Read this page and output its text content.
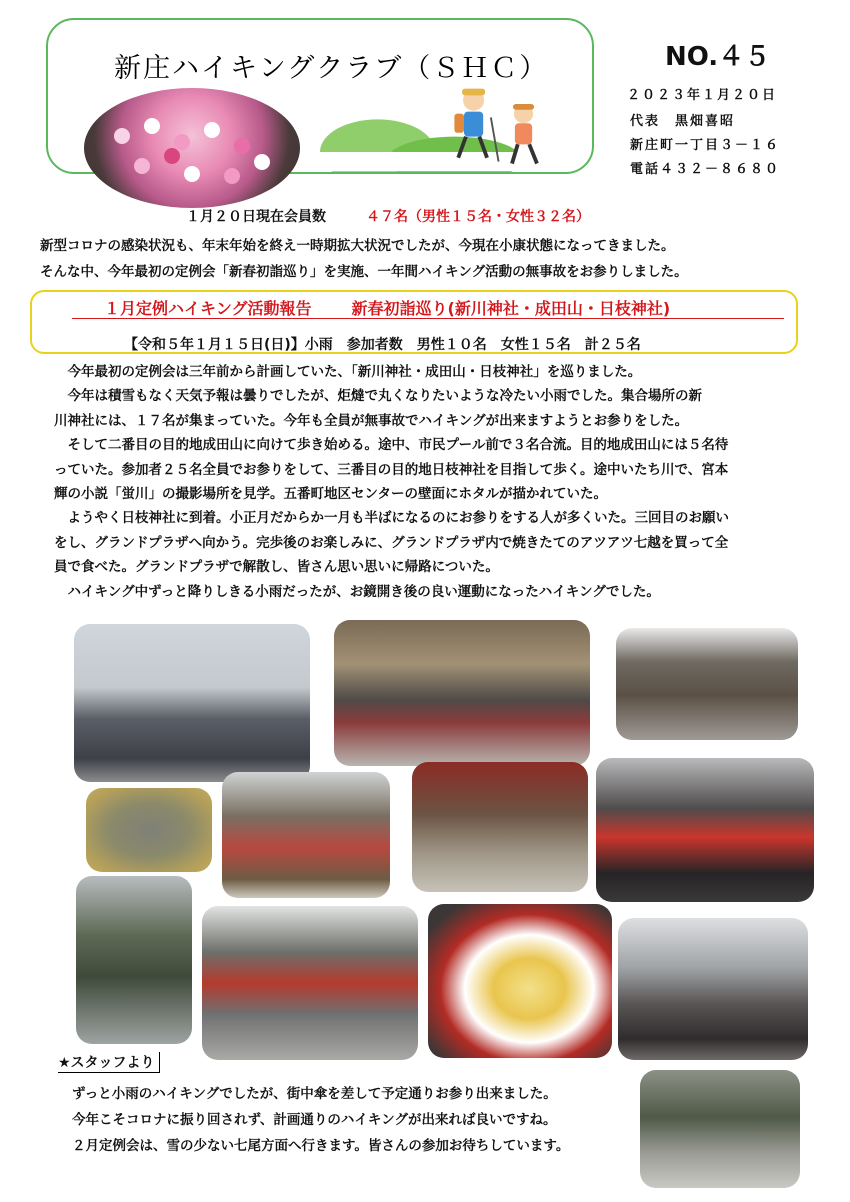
新庄ハイキングクラブ（ＳＨＣ）	NO.４５
２０２３年１月２０日
代表　黒畑喜昭
新庄町一丁目３－１６
電話４３２－８６８０
１月２０日現在会員数	４７名（男性１５名・女性３２名）
新型コロナの感染状況も、年末年始を終え一時期拡大状況でしたが、今現在小康状態になってきました。
そんな中、今年最初の定例会「新春初詣巡り」を実施、一年間ハイキング活動の無事故をお参りしました。
１月定例ハイキング活動報告	新春初詣巡り(新川神社・成田山・日枝神社)
【令和５年１月１５日(日)】小雨　参加者数　男性１０名　女性１５名　計２５名

　今年最初の定例会は三年前から計画していた、「新川神社・成田山・日枝神社」を巡りました。

　今年は積雪もなく天気予報は曇りでしたが、炬燵で丸くなりたいような冷たい小雨でした。集合場所の新

川神社には、１７名が集まっていた。今年も全員が無事故でハイキングが出来ますようとお参りをした。

　そして二番目の目的地成田山に向けて歩き始める。途中、市民プール前で３名合流。目的地成田山には５名待

っていた。参加者２５名全員でお参りをして、三番目の目的地日枝神社を目指して歩く。途中いたち川で、宮本

輝の小説「蛍川」の撮影場所を見学。五番町地区センターの壁面にホタルが描かれていた。

　ようやく日枝神社に到着。小正月だからか一月も半ばになるのにお参りをする人が多くいた。三回目のお願い

をし、グランドプラザへ向かう。完歩後のお楽しみに、グランドプラザ内で焼きたてのアツアツ七越を買って全

員で食べた。グランドプラザで解散し、皆さん思い思いに帰路についた。

　ハイキング中ずっと降りしきる小雨だったが、お鏡開き後の良い運動になったハイキングでした。

★スタッフより
ずっと小雨のハイキングでしたが、街中傘を差して予定通りお参り出来ました。
今年こそコロナに振り回されず、計画通りのハイキングが出来れば良いですね。
２月定例会は、雪の少ない七尾方面へ行きます。皆さんの参加お待ちしています。
